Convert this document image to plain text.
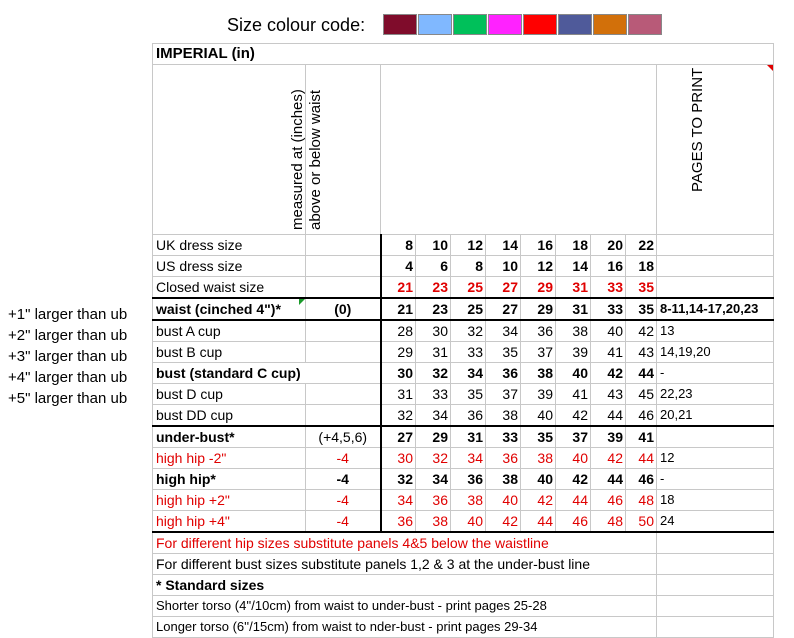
Size colour code:
+1" larger than ub
+2" larger than ub
+3" larger than ub
+4" larger than ub
+5" larger than ub
IMPERIAL (in)										

	measured at (inches) above or below waist									PAGES TO PRINT

UK dress size		8	10	12	14	16	18	20	22	
US dress size		4	6	8	10	12	14	16	18	
Closed waist size		21	23	25	27	29	31	33	35	
waist (cinched 4")*	(0)	21	23	25	27	29	31	33	35	8-11,14-17,20,23
bust A cup		28	30	32	34	36	38	40	42	13
bust B cup		29	31	33	35	37	39	41	43	14,19,20
bust (standard C cup)		30	32	34	36	38	40	42	44	-
bust D cup		31	33	35	37	39	41	43	45	22,23
bust DD cup		32	34	36	38	40	42	44	46	20,21
under-bust*	(+4,5,6)	27	29	31	33	35	37	39	41	
high hip -2"	-4	30	32	34	36	38	40	42	44	12
high hip*	-4	32	34	36	38	40	42	44	46	-
high hip +2"	-4	34	36	38	40	42	44	46	48	18
high hip +4"	-4	36	38	40	42	44	46	48	50	24
For different hip sizes substitute panels 4&5 below the waistline										
For different bust sizes substitute panels 1,2 & 3 at the under-bust line										
* Standard sizes										
Shorter torso (4''/10cm) from waist to under-bust - print pages 25-28										
Longer torso (6''/15cm) from waist to nder-bust - print pages 29-34										
